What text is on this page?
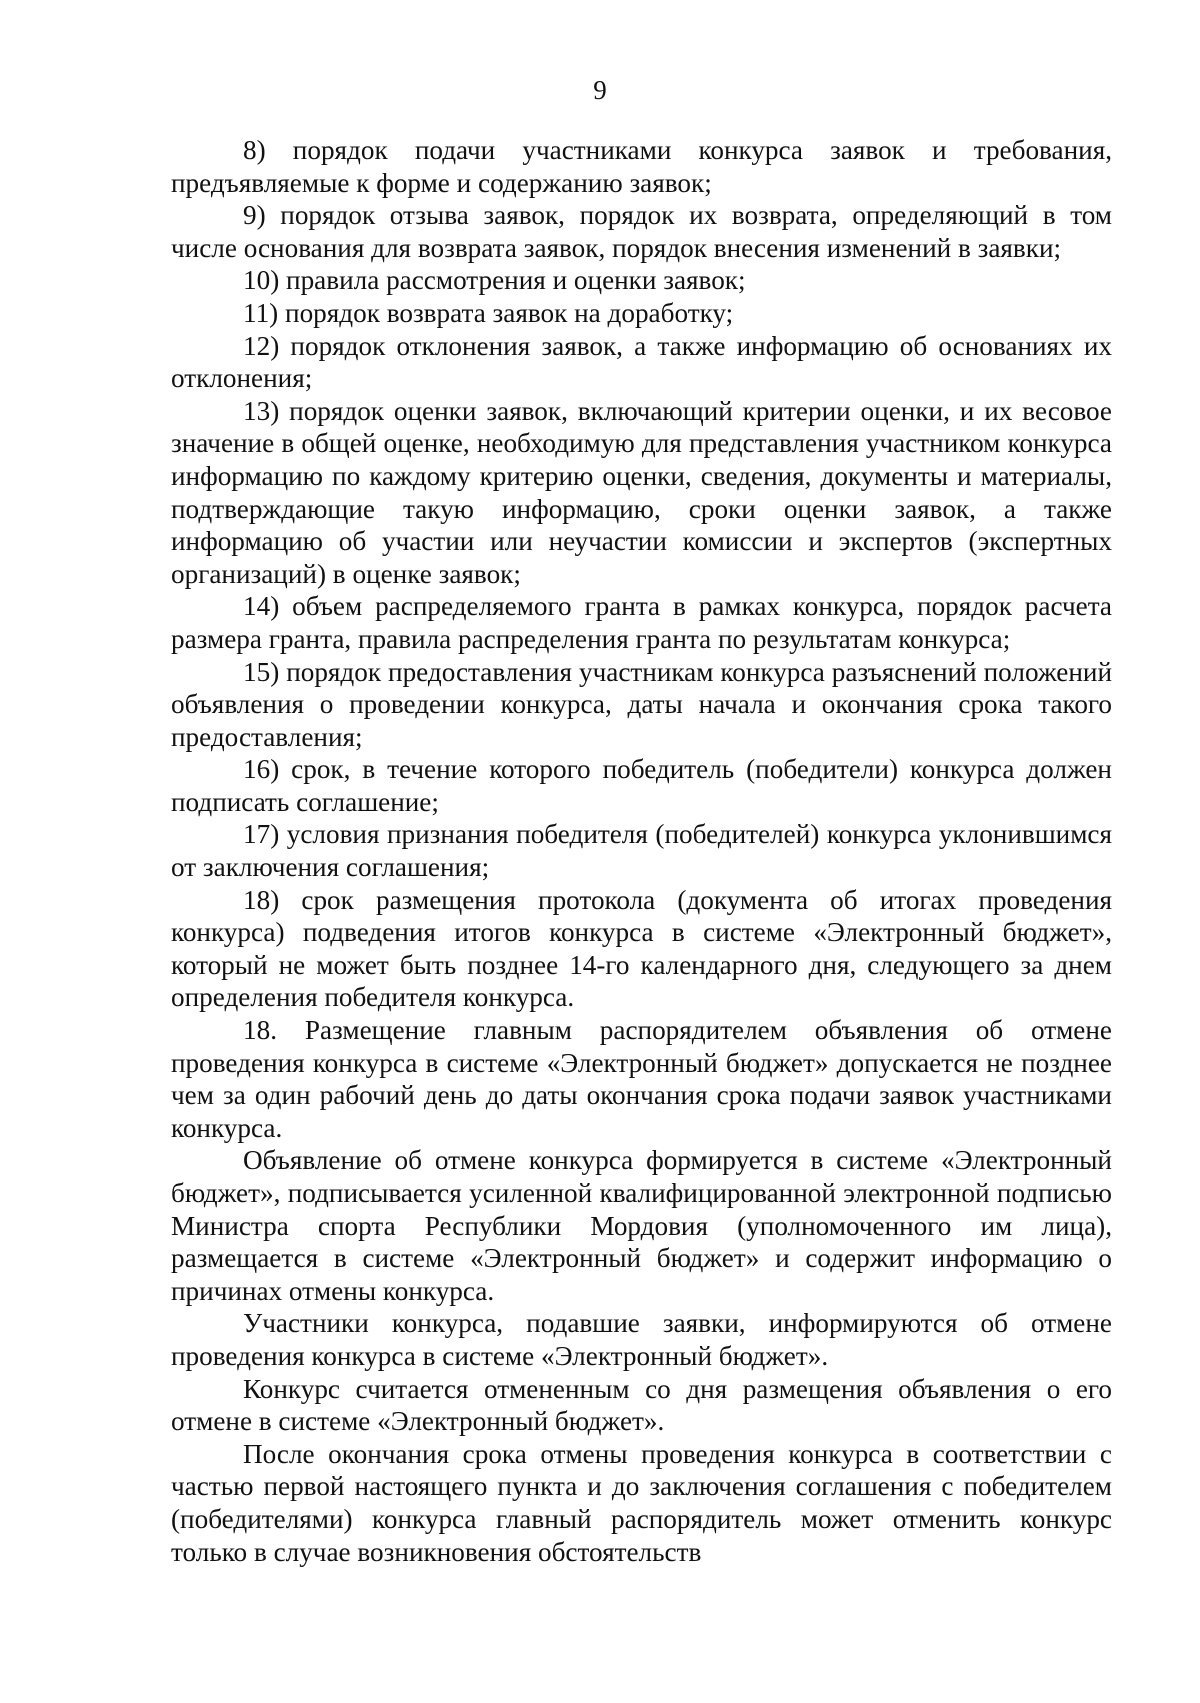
9

8) порядок подачи участниками конкурса заявок и требования, предъявляемые к форме и содержанию заявок;

9) порядок отзыва заявок, порядок их возврата, определяющий в том числе основания для возврата заявок, порядок внесения изменений в заявки;

10) правила рассмотрения и оценки заявок;

11) порядок возврата заявок на доработку;

12) порядок отклонения заявок, а также информацию об основаниях их отклонения;

13) порядок оценки заявок, включающий критерии оценки, и их весовое значение в общей оценке, необходимую для представления участником конкурса информацию по каждому критерию оценки, сведения, документы и материалы, подтверждающие такую информацию, сроки оценки заявок, а также информацию об участии или неучастии комиссии и экспертов (экспертных организаций) в оценке заявок;

14) объем распределяемого гранта в рамках конкурса, порядок расчета размера гранта, правила распределения гранта по результатам конкурса;

15) порядок предоставления участникам конкурса разъяснений положений объявления о проведении конкурса, даты начала и окончания срока такого предоставления;

16) срок, в течение которого победитель (победители) конкурса должен подписать соглашение;

17) условия признания победителя (победителей) конкурса уклонившимся от заключения соглашения;

18) срок размещения протокола (документа об итогах проведения конкурса) подведения итогов конкурса в системе «Электронный бюджет», который не может быть позднее 14-го календарного дня, следующего за днем определения победителя конкурса.

18. Размещение главным распорядителем объявления об отмене проведения конкурса в системе «Электронный бюджет» допускается не позднее чем за один рабочий день до даты окончания срока подачи заявок участниками конкурса.

Объявление об отмене конкурса формируется в системе «Электронный бюджет», подписывается усиленной квалифицированной электронной подписью Министра спорта Республики Мордовия (уполномоченного им лица), размещается в системе «Электронный бюджет» и содержит информацию о причинах отмены конкурса.

Участники конкурса, подавшие заявки, информируются об отмене проведения конкурса в системе «Электронный бюджет».

Конкурс считается отмененным со дня размещения объявления о его отмене в системе «Электронный бюджет».

После окончания срока отмены проведения конкурса в соответствии с частью первой настоящего пункта и до заключения соглашения с победителем (победителями) конкурса главный распорядитель может отменить конкурс только в случае возникновения обстоятельств
